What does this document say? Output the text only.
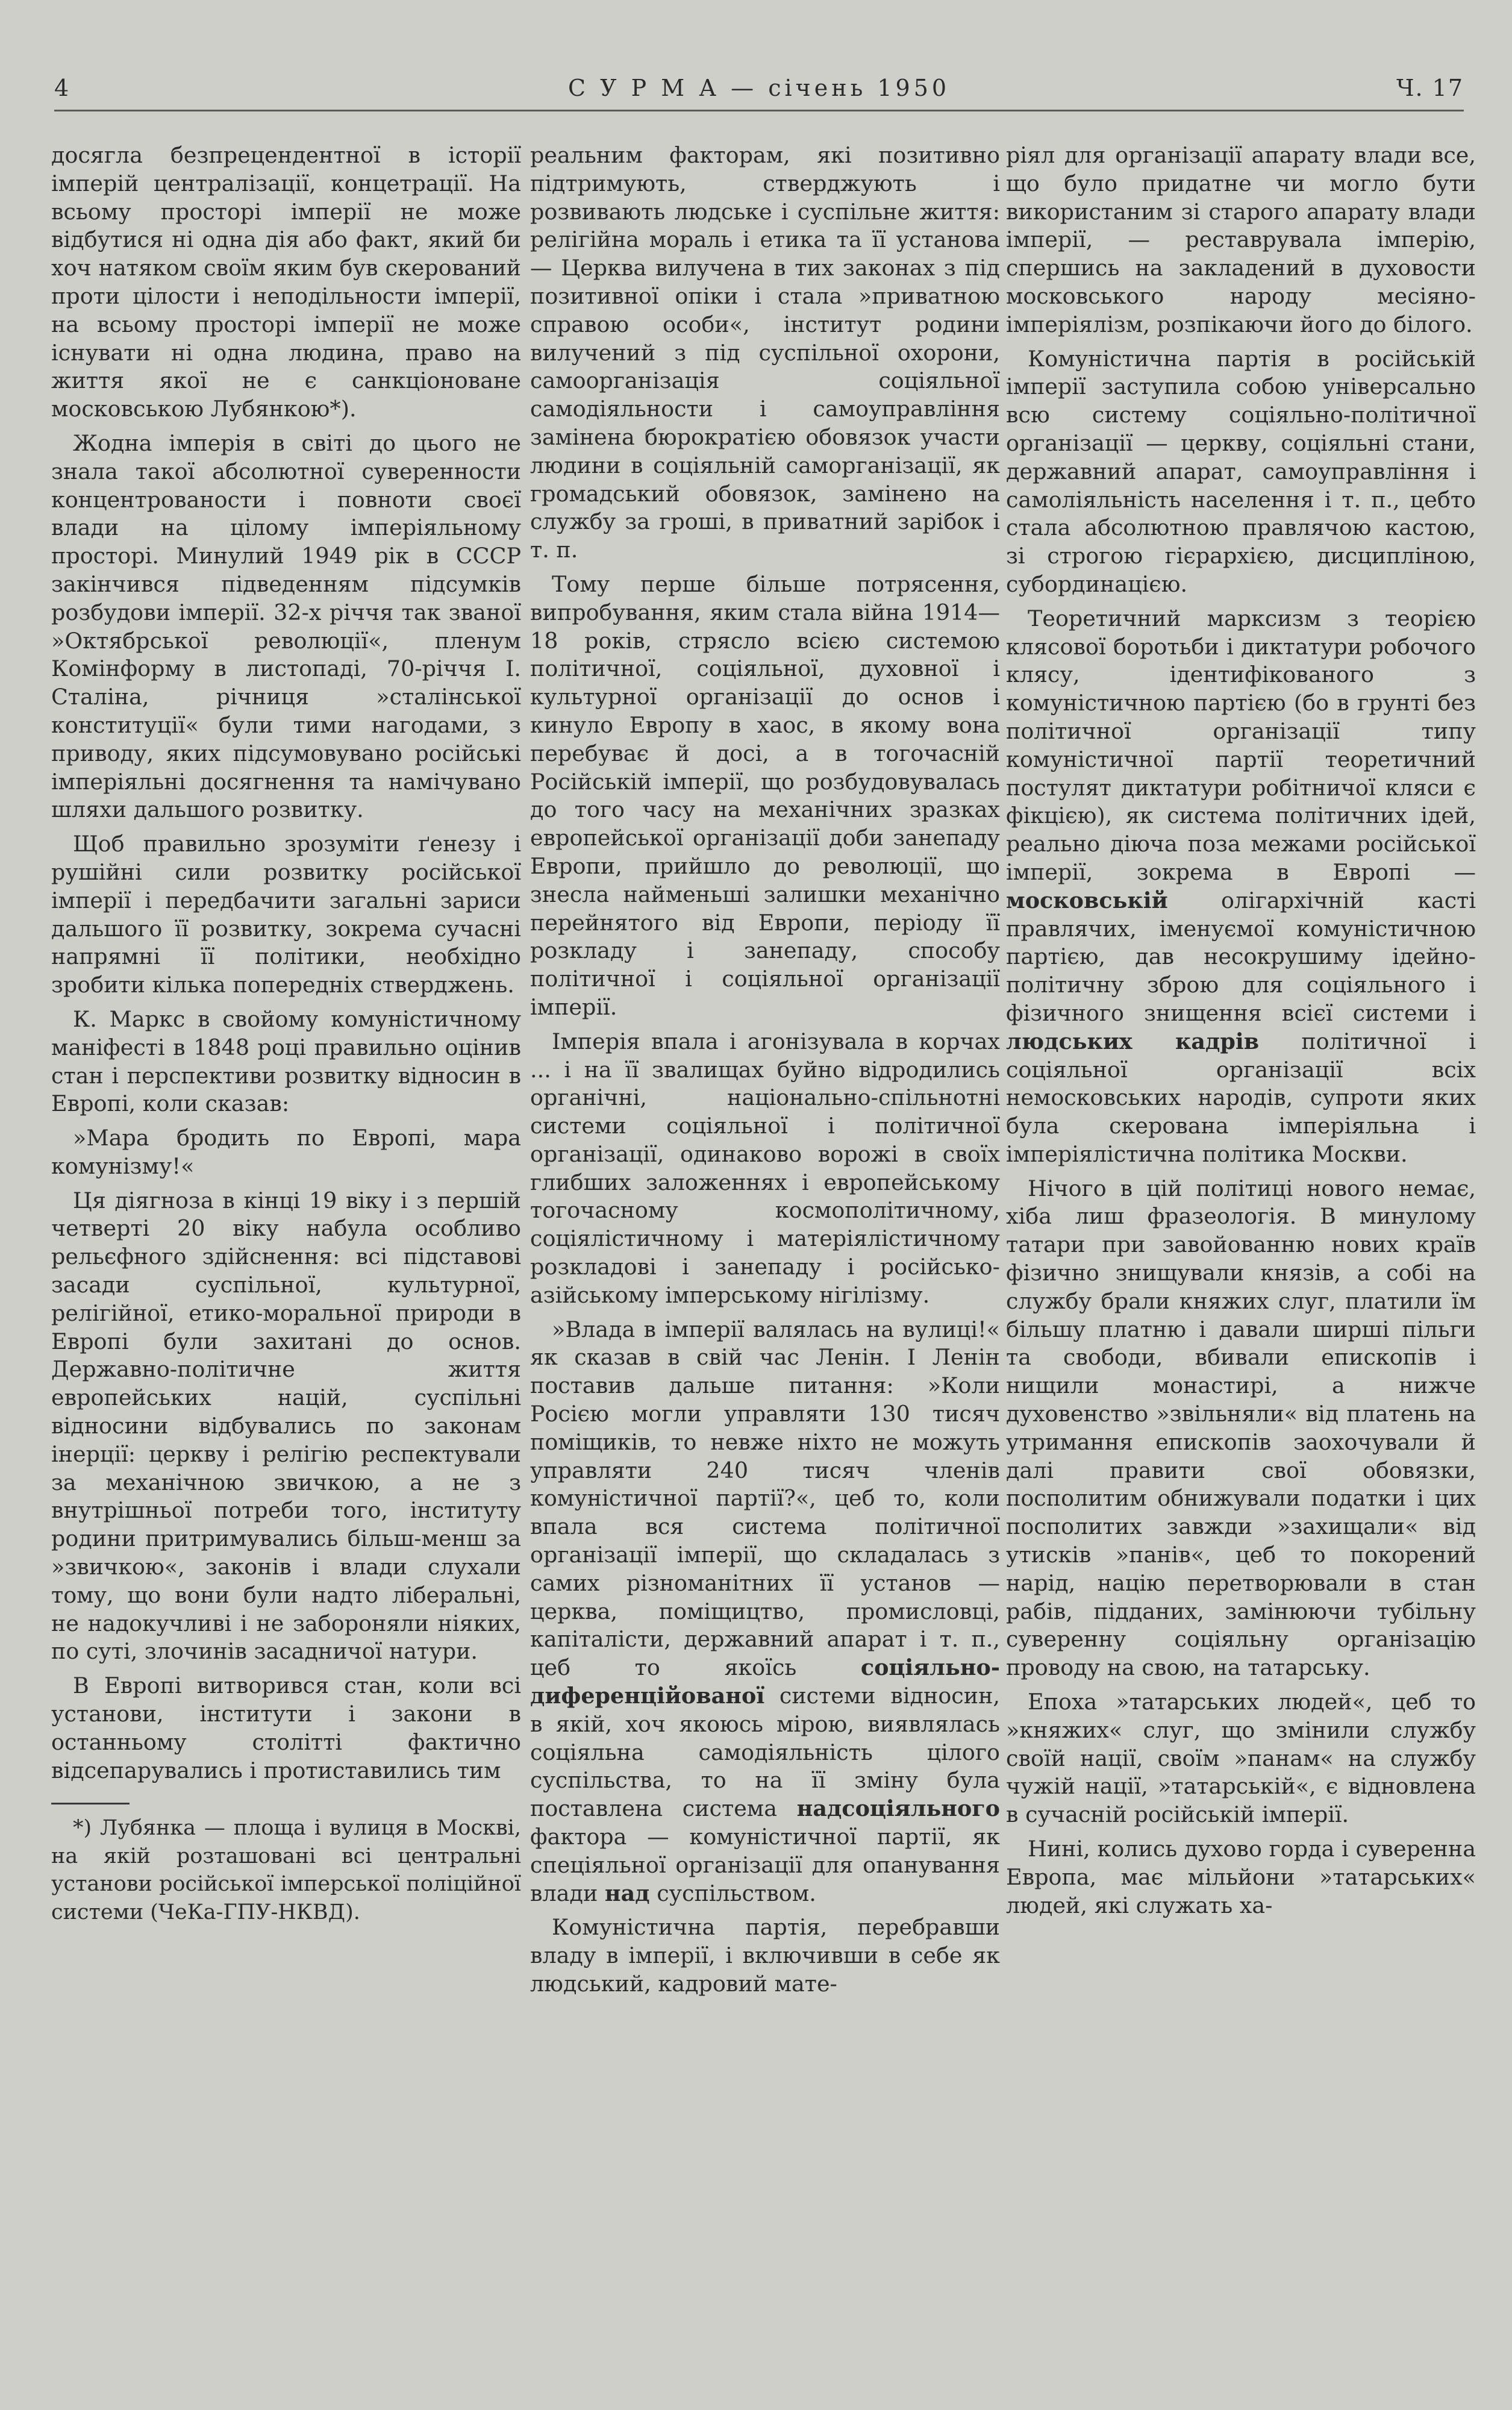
4	С У Р М А — січень 1950	Ч. 17

досягла безпрецендентної в історії імперій централізації, концетрації. На всьому просторі імперії не може відбутися ні одна дія або факт, який би хоч натяком своїм яким був скерований проти цілости і неподільности імперії, на всьому просторі імперії не може існувати ні одна людина, право на життя якої не є санкціоноване московською Лубянкою*).

Жодна імперія в світі до цього не знала такої абсолютної суверенности концентрованости і повноти своєї влади на цілому імперіяльному просторі. Минулий 1949 рік в СССР закінчився підведенням підсумків розбудови імперії. 32-х річчя так званої »Октябрської революції«, пленум Комінформу в листопаді, 70-річчя І. Сталіна, річниця »сталінської конституції« були тими нагодами, з приводу, яких підсумовувано російські імперіяльні досягнення та намічувано шляхи дальшого розвитку.

Щоб правильно зрозуміти ґенезу і рушійні сили розвитку російської імперії і передбачити загальні зариси дальшого її розвитку, зокрема сучасні напрямні її політики, необхідно зробити кілька попередніх стверджень.

К. Маркс в свойому комуністичному маніфесті в 1848 році правильно оцінив стан і перспективи розвитку відносин в Европі, коли сказав:

»Мара бродить по Европі, мара комунізму!«

Ця діягноза в кінці 19 віку і з першій четверті 20 віку набула особливо рельєфного здійснення: всі підставові засади суспільної, культурної, релігійної, етико-моральної природи в Европі були захитані до основ. Державно-політичне життя европейських націй, суспільні відносини відбувались по законам інерції: церкву і релігію респектували за механічною звичкою, а не з внутрішньої потреби того, інституту родини притримувались більш-менш за »звичкою«, законів і влади слухали тому, що вони були надто ліберальні, не надокучливі і не забороняли ніяких, по суті, злочинів засадничої натури.

В Европі витворився стан, коли всі установи, інститути і закони в останньому столітті фактично відсепарувались і протиставились тим

*) Лубянка — площа і вулиця в Москві, на якій розташовані всі центральні установи російської імперської поліційної системи (ЧеКа-ГПУ-НКВД).

реальним факторам, які позитивно підтримують, стверджують і розвивають людське і суспільне життя: релігійна мораль і етика та її установа — Церква вилучена в тих законах з під позитивної опіки і стала »приватною справою особи«, інститут родини вилучений з під суспільної охорони, самоорганізація соціяльної самодіяльности і самоуправління замінена бюрократією обовязок участи людини в соціяльній саморганізації, як громадський обовязок, замінено на службу за гроші, в приватний зарібок і т. п.

Тому перше більше потрясення, випробування, яким стала війна 1914—18 років, стрясло всією системою політичної, соціяльної, духовної і культурної організації до основ і кинуло Европу в хаос, в якому вона перебуває й досі, а в тогочасній Російській імперії, що розбудовувалась до того часу на механічних зразках европейської організації доби занепаду Европи, прийшло до революції, що знесла найменьші залишки механічно перейнятого від Европи, періоду її розкладу і занепаду, способу політичної і соціяльної організації імперії.

Імперія впала і агонізувала в корчах ... і на її звалищах буйно відродились органічні, національно-спільнотні системи соціяльної і політичної організації, одинаково ворожі в своїх глибших заложеннях і европейському тогочасному космополітичному, соціялістичному і матеріялістичному розкладові і занепаду і російсько-азійському імперському нігілізму.

»Влада в імперії валялась на вулиці!« як сказав в свій час Ленін. І Ленін поставив дальше питання: »Коли Росією могли управляти 130 тисяч поміщиків, то невже ніхто не можуть управляти 240 тисяч членів комуністичної партії?«, цеб то, коли впала вся система політичної організації імперії, що складалась з самих різноманітних її установ — церква, поміщицтво, промисловці, капіталісти, державний апарат і т. п., цеб то якоїсь	соціяльно-диференційованої системи відносин, в якій, хоч якоюсь мірою, виявлялась соціяльна самодіяльність цілого суспільства, то на її зміну була поставлена система надсоціяльного фактора — комуністичної партії, як спеціяльної організації для опанування влади над суспільством.

Комуністична партія, перебравши владу в імперії, і включивши в себе як людський, кадровий мате-

ріял для організації апарату влади все, що було придатне чи могло бути використаним зі старого апарату влади імперії, — реставрувала імперію, спершись на закладений в духовости московського народу месіяно-імперіялізм, розпікаючи його до білого.

Комуністична партія в російській імперії заступила собою універсально всю систему соціяльно-політичної організації — церкву, соціяльні стани, державний апарат, самоуправління і самоліяльність населення і т. п., цебто стала абсолютною правлячою кастою, зі строгою гієрархією, дисципліною, субординацією.

Теоретичний марксизм з теорією клясової боротьби і диктатури робочого клясу, ідентифікованого з комуністичною партією (бо в грунті без політичної організації типу комуністичної партії теоретичний постулят диктатури робітничої кляси є фікцією), як система політичних ідей, реально діюча поза межами російської імперії, зокрема в Европі — московській олігархічній касті правлячих, іменуємої комуністичною партією, дав несокрушиму ідейно-політичну зброю для соціяльного і фізичного знищення всієї системи і людських кадрів політичної і соціяльної організації всіх немосковських народів, супроти яких була скерована імперіяльна і імперіялістична політика Москви.

Нічого в цій політиці нового немає, хіба лиш фразеологія. В минулому татари при завойованню нових країв фізично знищували князів, а собі на службу брали княжих слуг, платили їм більшу платню і давали ширші пільги та свободи, вбивали епископів і нищили монастирі, а нижче духовенство »звільняли« від платень на утримання епископів заохочували й далі правити свої обовязки, посполитим обнижували податки і цих посполитих завжди »захищали« від утисків »панів«, цеб то покорений нарід, націю перетворювали в стан рабів, підданих, замінюючи тубільну суверенну соціяльну організацію проводу на свою, на татарську.

Епоха »татарських людей«, цеб то »княжих« слуг, що змінили службу своїй нації, своїм »панам« на службу чужій нації, »татарській«, є відновлена в сучасній російській імперії.

Нині, колись духово горда і суверенна Европа, має мільйони »татарських« людей, які служать ха-
